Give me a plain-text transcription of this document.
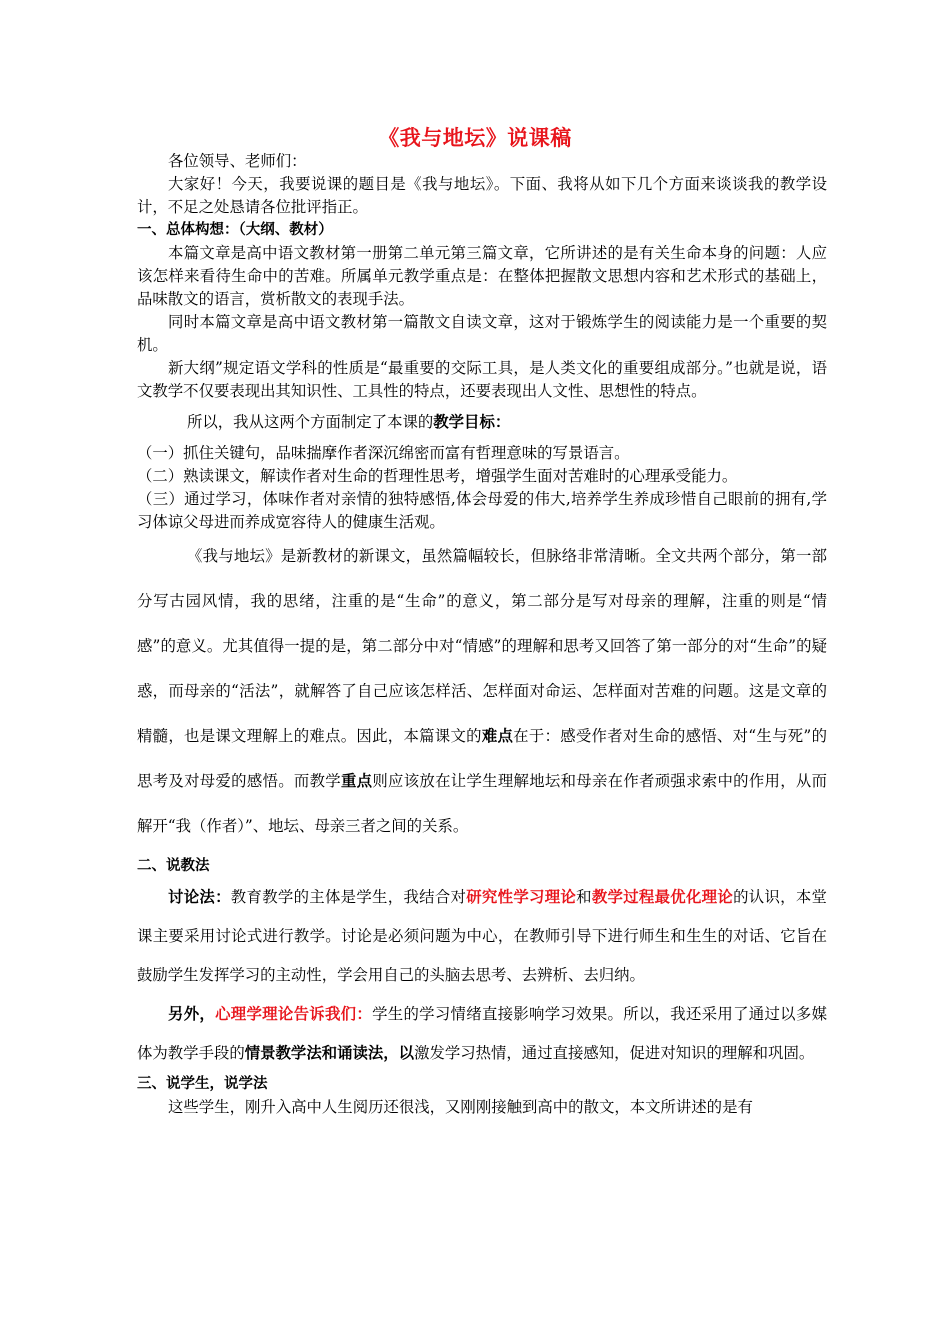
《我与地坛》说课稿

各位领导、老师们：

大家好！今天，我要说课的题目是《我与地坛》。下面、我将从如下几个方面来谈谈我的教学设计，不足之处恳请各位批评指正。

一、总体构想：（大纲、教材）

本篇文章是高中语文教材第一册第二单元第三篇文章，它所讲述的是有关生命本身的问题：人应该怎样来看待生命中的苦难。所属单元教学重点是：在整体把握散文思想内容和艺术形式的基础上，品味散文的语言，赏析散文的表现手法。

同时本篇文章是高中语文教材第一篇散文自读文章，这对于锻炼学生的阅读能力是一个重要的契机。

新大纲”规定语文学科的性质是“最重要的交际工具，是人类文化的重要组成部分。”也就是说，语文教学不仅要表现出其知识性、工具性的特点，还要表现出人文性、思想性的特点。

所以，我从这两个方面制定了本课的教学目标：

（一）抓住关键句，品味揣摩作者深沉绵密而富有哲理意味的写景语言。

（二）熟读课文，解读作者对生命的哲理性思考，增强学生面对苦难时的心理承受能力。

（三）通过学习，体味作者对亲情的独特感悟,体会母爱的伟大,培养学生养成珍惜自己眼前的拥有,学习体谅父母进而养成宽容待人的健康生活观。

《我与地坛》是新教材的新课文，虽然篇幅较长，但脉络非常清晰。全文共两个部分，第一部分写古园风情，我的思绪，注重的是“生命”的意义，第二部分是写对母亲的理解，注重的则是“情感”的意义。尤其值得一提的是，第二部分中对“情感”的理解和思考又回答了第一部分的对“生命”的疑惑，而母亲的“活法”，就解答了自己应该怎样活、怎样面对命运、怎样面对苦难的问题。这是文章的精髓，也是课文理解上的难点。因此，本篇课文的难点在于：感受作者对生命的感悟、对“生与死”的思考及对母爱的感悟。而教学重点则应该放在让学生理解地坛和母亲在作者顽强求索中的作用，从而解开“我（作者）”、地坛、母亲三者之间的关系。

二、说教法

讨论法：教育教学的主体是学生，我结合对研究性学习理论和教学过程最优化理论的认识，本堂课主要采用讨论式进行教学。讨论是必须问题为中心，在教师引导下进行师生和生生的对话、它旨在鼓励学生发挥学习的主动性，学会用自己的头脑去思考、去辨析、去归纳。

另外，心理学理论告诉我们：学生的学习情绪直接影响学习效果。所以，我还采用了通过以多媒体为教学手段的情景教学法和诵读法，以激发学习热情，通过直接感知，促进对知识的理解和巩固。

三、说学生，说学法

这些学生，刚升入高中人生阅历还很浅，又刚刚接触到高中的散文，本文所讲述的是有
